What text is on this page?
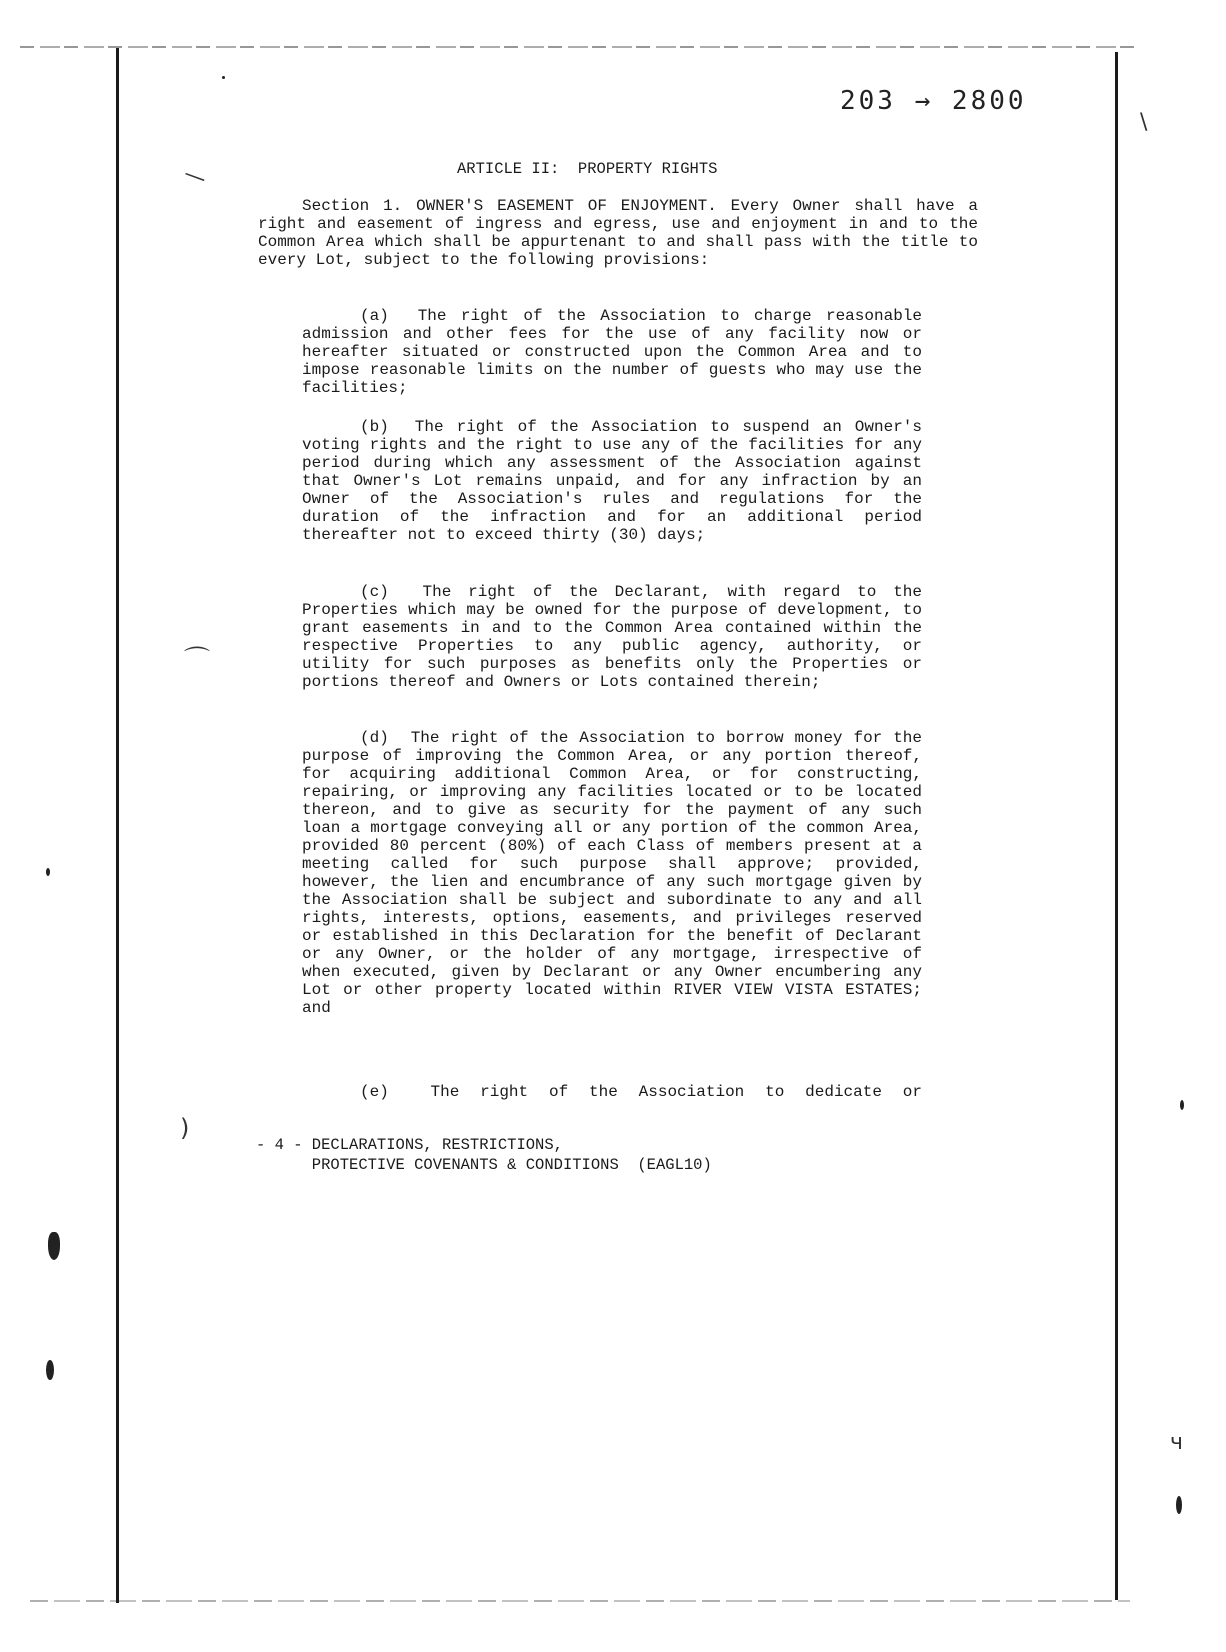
—
⌒
)
\
ч
203 → 2800
ARTICLE II:  PROPERTY RIGHTS

Section 1. OWNER'S EASEMENT OF ENJOYMENT. Every Owner shall have a right and easement of ingress and egress, use and enjoyment in and to the Common Area which shall be appurtenant to and shall pass with the title to every Lot, subject to the following provisions:

(a) The right of the Association to charge reasonable admission and other fees for the use of any facility now or hereafter situated or constructed upon the Common Area and to impose reasonable limits on the number of guests who may use the facilities;

(b) The right of the Association to suspend an Owner's voting rights and the right to use any of the facilities for any period during which any assessment of the Association against that Owner's Lot remains unpaid, and for any infraction by an Owner of the Association's rules and regulations for the duration of the infraction and for an additional period thereafter not to exceed thirty (30) days;

(c) The right of the Declarant, with regard to the Properties which may be owned for the purpose of development, to grant easements in and to the Common Area contained within the respective Properties to any public agency, authority, or utility for such purposes as benefits only the Properties or portions thereof and Owners or Lots contained therein;

(d) The right of the Association to borrow money for the purpose of improving the Common Area, or any portion thereof, for acquiring additional Common Area, or for constructing, repairing, or improving any facilities located or to be located thereon, and to give as security for the payment of any such loan a mortgage conveying all or any portion of the common Area, provided 80 percent (80%) of each Class of members present at a meeting called for such purpose shall approve; provided, however, the lien and encumbrance of any such mortgage given by the Association shall be subject and subordinate to any and all rights, interests, options, easements, and privileges reserved or established in this Declaration for the benefit of Declarant or any Owner, or the holder of any mortgage, irrespective of when executed, given by Declarant or any Owner encumbering any Lot or other property located within RIVER VIEW VISTA ESTATES; and

(e)	The right of the Association to dedicate or

- 4 - DECLARATIONS, RESTRICTIONS,
PROTECTIVE COVENANTS & CONDITIONS  (EAGL10)
